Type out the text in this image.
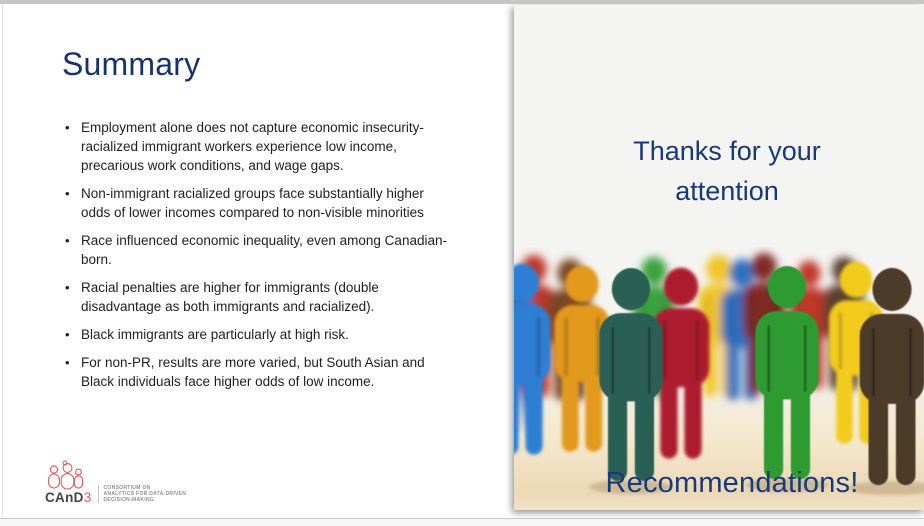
Summary
• Employment alone does not capture economic insecurity- racialized immigrant workers experience low income, precarious work conditions, and wage gaps.
• Non-immigrant racialized groups face substantially higher odds of lower incomes compared to non-visible minorities
• Race influenced economic inequality, even among Canadian-born.
• Racial penalties are higher for immigrants (double disadvantage as both immigrants and racialized).
• Black immigrants are particularly at high risk.
• For non-PR, results are more varied, but South Asian and Black individuals face higher odds of low income.
CAnD3
CONSORTIUM ON
ANALYTICS FOR DATA-DRIVEN
DECISION-MAKING
Thanks for your attention
Recommendations!
